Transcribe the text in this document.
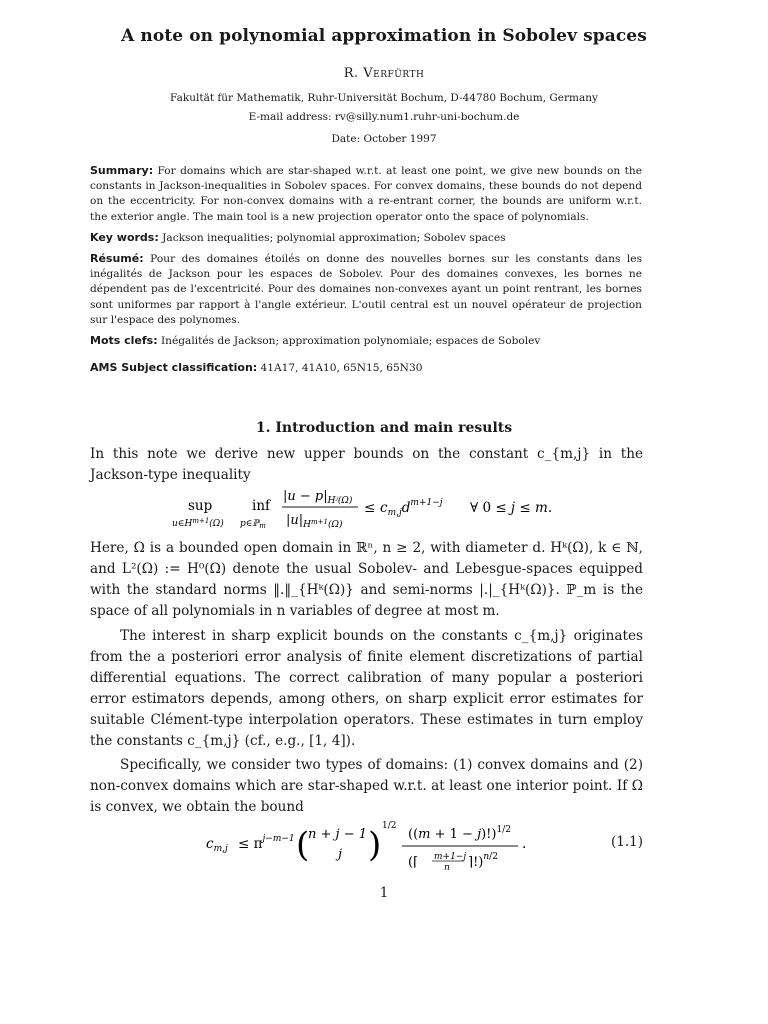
A note on polynomial approximation in Sobolev spaces
R. Verfürth
Fakultät für Mathematik, Ruhr-Universität Bochum, D-44780 Bochum, Germany
E-mail address: rv@silly.num1.ruhr-uni-bochum.de
Date: October 1997
Summary: For domains which are star-shaped w.r.t. at least one point, we give new bounds on the constants in Jackson-inequalities in Sobolev spaces. For convex domains, these bounds do not depend on the eccentricity. For non-convex domains with a re-entrant corner, the bounds are uniform w.r.t. the exterior angle. The main tool is a new projection operator onto the space of polynomials.
Key words: Jackson inequalities; polynomial approximation; Sobolev spaces
Résumé: Pour des domaines étoilés on donne des nouvelles bornes sur les constants dans les inégalités de Jackson pour les espaces de Sobolev. Pour des domaines convexes, les bornes ne dépendent pas de l'excentricité. Pour des domaines non-convexes ayant un point rentrant, les bornes sont uniformes par rapport à l'angle extérieur. L'outil central est un nouvel opérateur de projection sur l'espace des polynomes.
Mots clefs: Inégalités de Jackson; approximation polynomiale; espaces de Sobolev
AMS Subject classification: 41A17, 41A10, 65N15, 65N30
1. Introduction and main results

In this note we derive new upper bounds on the constant c_{m,j} in the Jackson-type inequality

sup
$u\in H^{m+1}(\Omega)$
inf
p∈ℙ$_m$
$|u - p|_{Hʲ(\Omega)}$
$|u|_{H^{m+1}(\Omega)}$
≤ $c_{m,j}d^{m+1-j}$ ∀ 0 ≤ j ≤ m.

Here, Ω is a bounded open domain in ℝⁿ, n ≥ 2, with diameter d. Hᵏ(Ω), k ∈ ℕ, and L²(Ω) := H⁰(Ω) denote the usual Sobolev- and Lebesgue-spaces equipped with the standard norms ‖.‖_{Hᵏ(Ω)} and semi-norms |.|_{Hᵏ(Ω)}. ℙ_m is the space of all polynomials in n variables of degree at most m.

The interest in sharp explicit bounds on the constants c_{m,j} originates from the a posteriori error analysis of finite element discretizations of partial differential equations. The correct calibration of many popular a posteriori error estimators depends, among others, on sharp explicit error estimates for suitable Clément-type interpolation operators. These estimates in turn employ the constants c_{m,j} (cf., e.g., [1, 4]).

Specifically, we consider two types of domains: (1) convex domains and (2) non-convex domains which are star-shaped w.r.t. at least one interior point. If Ω is convex, we obtain the bound

$c_{m,j} \le \pi^{j-m-1}$ (
n + j − 1
j ) 1/2
$((m + 1 - j)!)^{1/2}$
(⌈ m+1−j
n ⌉!)$^{n/2}$
.	(1.1)
1
